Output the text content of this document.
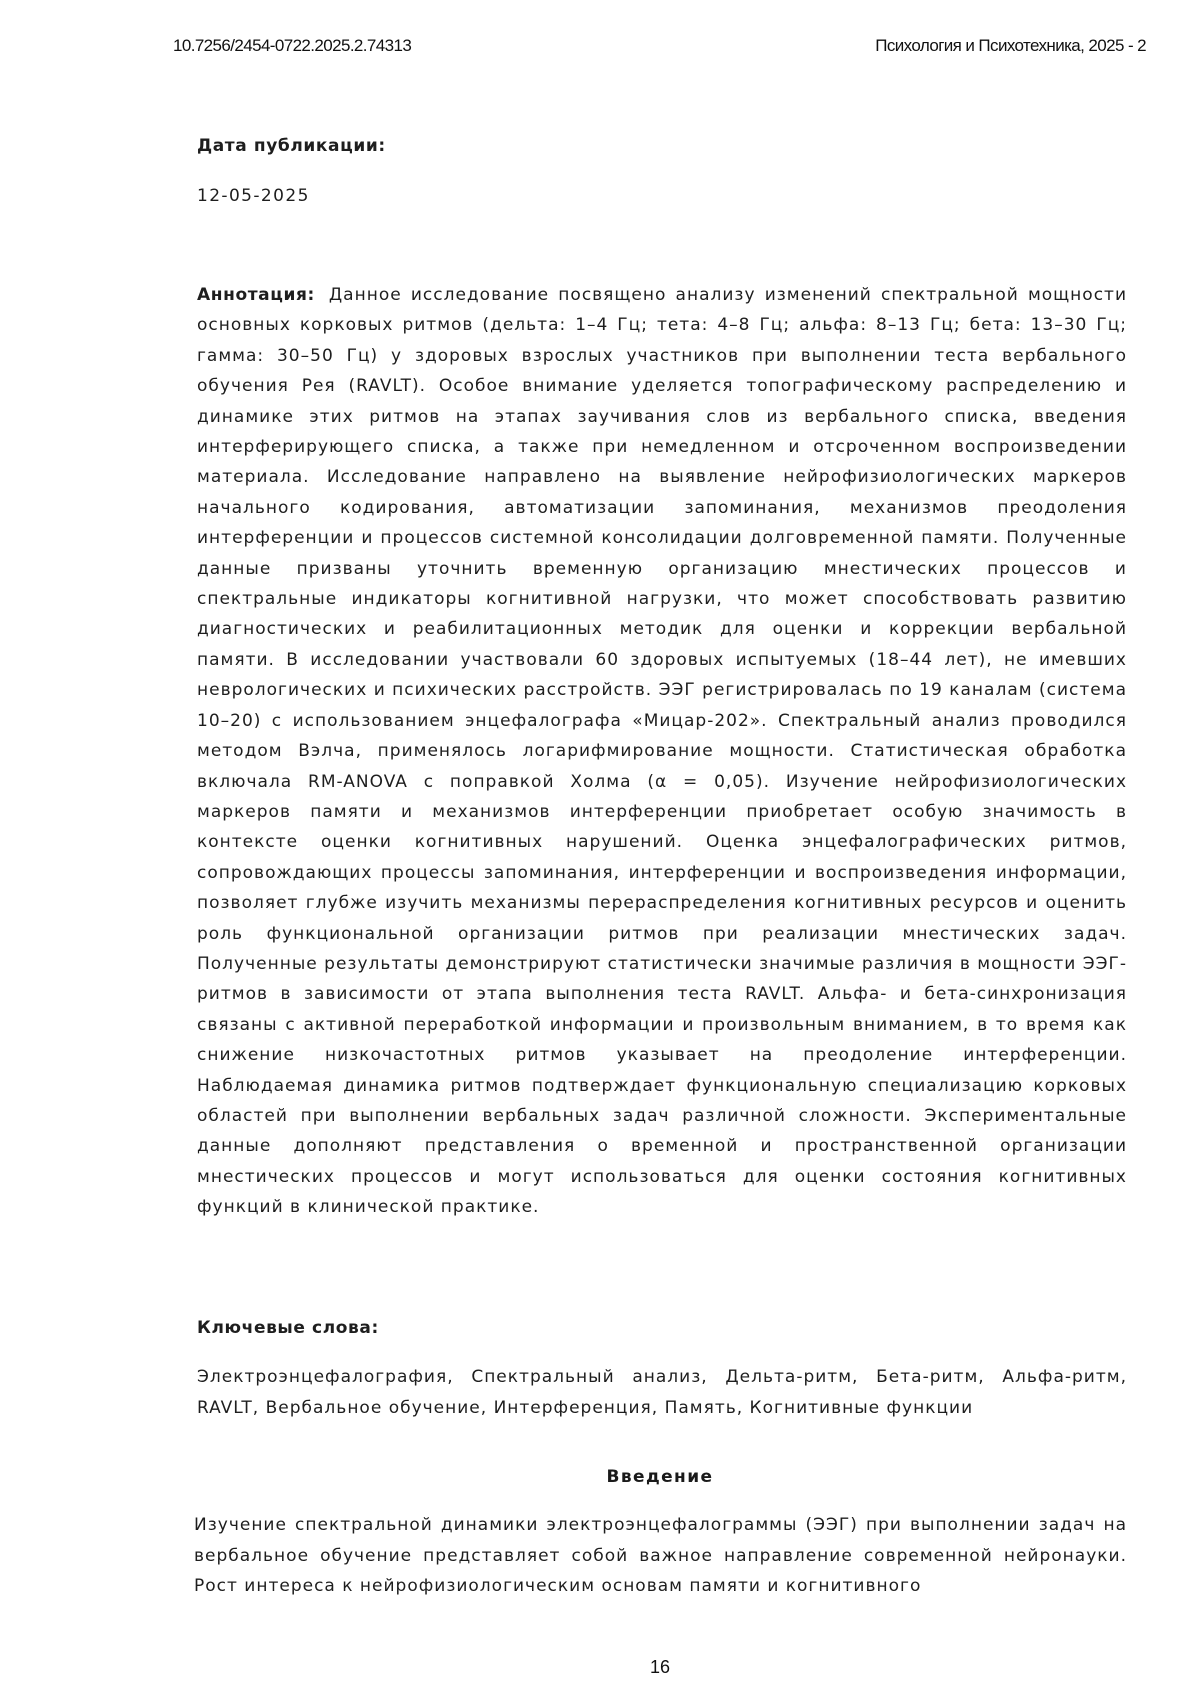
10.7256/2454-0722.2025.2.74313	Психология и Психотехника, 2025 - 2
Дата публикации:
12-05-2025
Аннотация: Данное исследование посвящено анализу изменений спектральной мощности основных корковых ритмов (дельта: 1–4 Гц; тета: 4–8 Гц; альфа: 8–13 Гц; бета: 13–30 Гц; гамма: 30–50 Гц) у здоровых взрослых участников при выполнении теста вербального обучения Рея (RAVLT). Особое внимание уделяется топографическому распределению и динамике этих ритмов на этапах заучивания слов из вербального списка, введения интерферирующего списка, а также при немедленном и отсроченном воспроизведении материала. Исследование направлено на выявление нейрофизиологических маркеров начального кодирования, автоматизации запоминания, механизмов преодоления интерференции и процессов системной консолидации долговременной памяти. Полученные данные призваны уточнить временную организацию мнестических процессов и спектральные индикаторы когнитивной нагрузки, что может способствовать развитию диагностических и реабилитационных методик для оценки и коррекции вербальной памяти. В исследовании участвовали 60 здоровых испытуемых (18–44 лет), не имевших неврологических и психических расстройств. ЭЭГ регистрировалась по 19 каналам (система 10–20) с использованием энцефалографа «Мицар-202». Спектральный анализ проводился методом Вэлча, применялось логарифмирование мощности. Статистическая обработка включала RM-ANOVA с поправкой Холма (α = 0,05). Изучение нейрофизиологических маркеров памяти и механизмов интерференции приобретает особую значимость в контексте оценки когнитивных нарушений. Оценка энцефалографических ритмов, сопровождающих процессы запоминания, интерференции и воспроизведения информации, позволяет глубже изучить механизмы перераспределения когнитивных ресурсов и оценить роль функциональной организации ритмов при реализации мнестических задач. Полученные результаты демонстрируют статистически значимые различия в мощности ЭЭГ-ритмов в зависимости от этапа выполнения теста RAVLT. Альфа- и бета-синхронизация связаны с активной переработкой информации и произвольным вниманием, в то время как снижение низкочастотных ритмов указывает на преодоление интерференции. Наблюдаемая динамика ритмов подтверждает функциональную специализацию корковых областей при выполнении вербальных задач различной сложности. Экспериментальные данные дополняют представления о временной и пространственной организации мнестических процессов и могут использоваться для оценки состояния когнитивных функций в клинической практике.
Ключевые слова:
Электроэнцефалография, Спектральный анализ, Дельта-ритм, Бета-ритм, Альфа-ритм, RAVLT, Вербальное обучение, Интерференция, Память, Когнитивные функции
Введение
Изучение спектральной динамики электроэнцефалограммы (ЭЭГ) при выполнении задач на вербальное обучение представляет собой важное направление современной нейронауки. Рост интереса к нейрофизиологическим основам памяти и когнитивного
16
